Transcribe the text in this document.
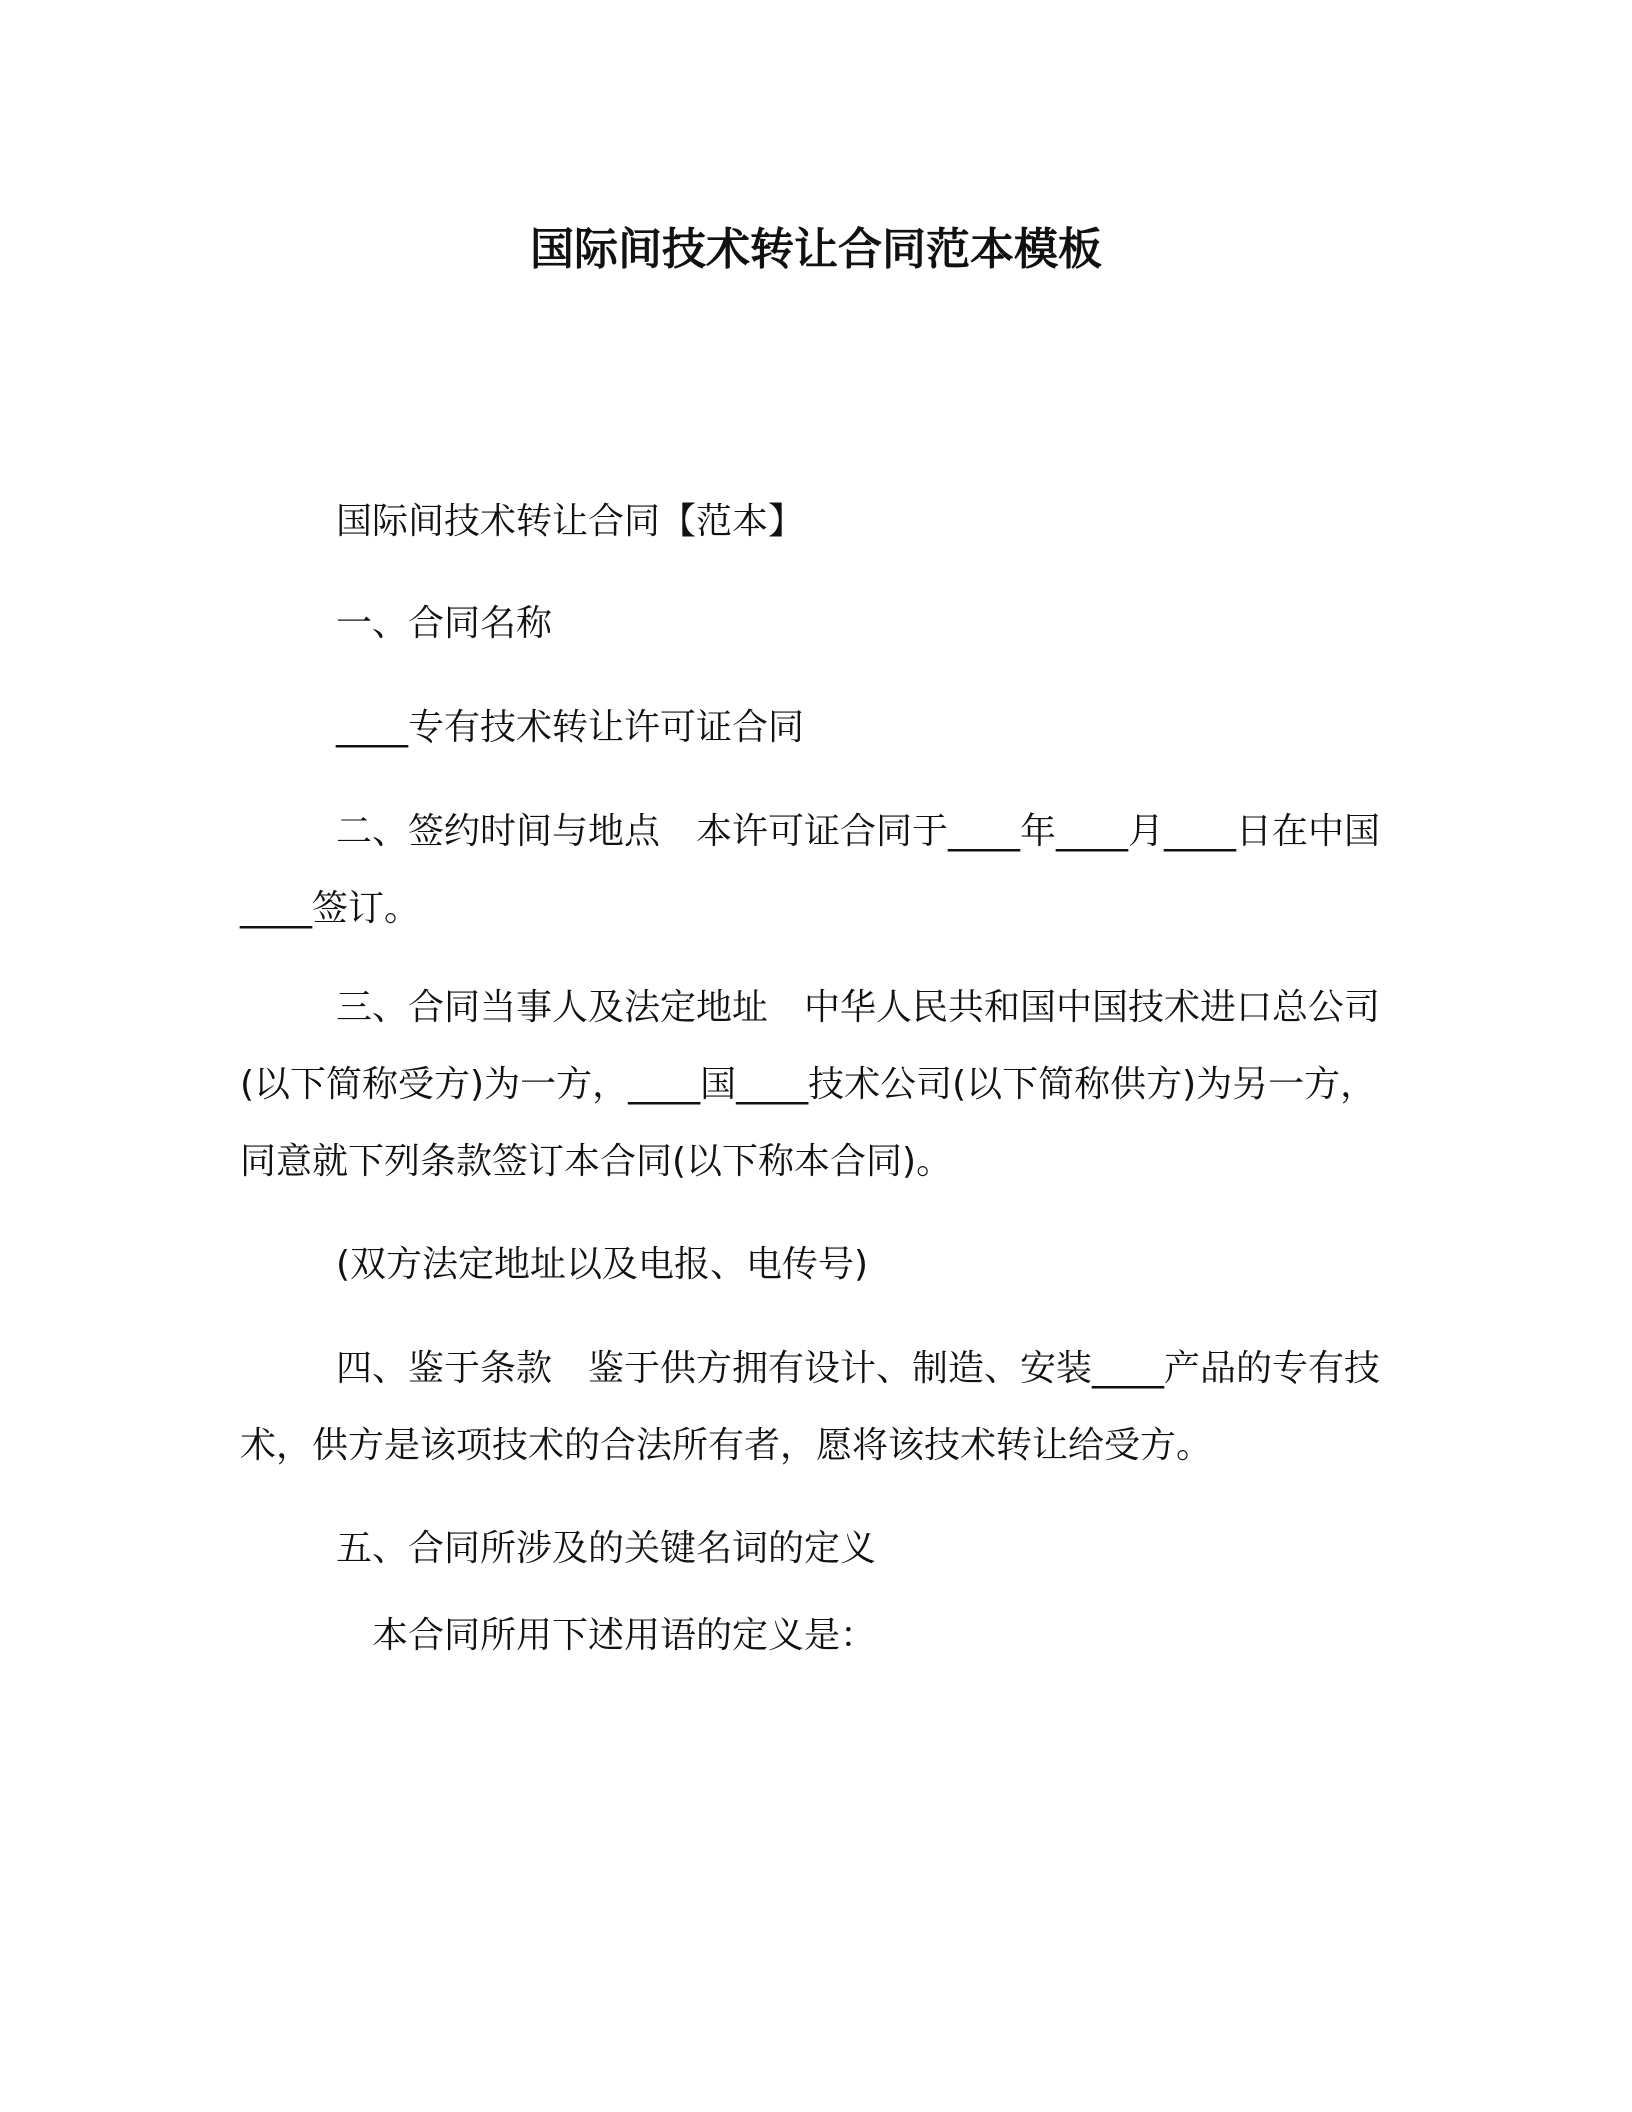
国际间技术转让合同范本模板
国际间技术转让合同【范本】
一、合同名称
____专有技术转让许可证合同
二、签约时间与地点　本许可证合同于____年____月____日在中国____签订。
三、合同当事人及法定地址　中华人民共和国中国技术进口总公司(以下简称受方)为一方，____国____技术公司(以下简称供方)为另一方，同意就下列条款签订本合同(以下称本合同)。
(双方法定地址以及电报、电传号)
四、鉴于条款　鉴于供方拥有设计、制造、安装____产品的专有技术，供方是该项技术的合法所有者，愿将该技术转让给受方。
五、合同所涉及的关键名词的定义
本合同所用下述用语的定义是：
